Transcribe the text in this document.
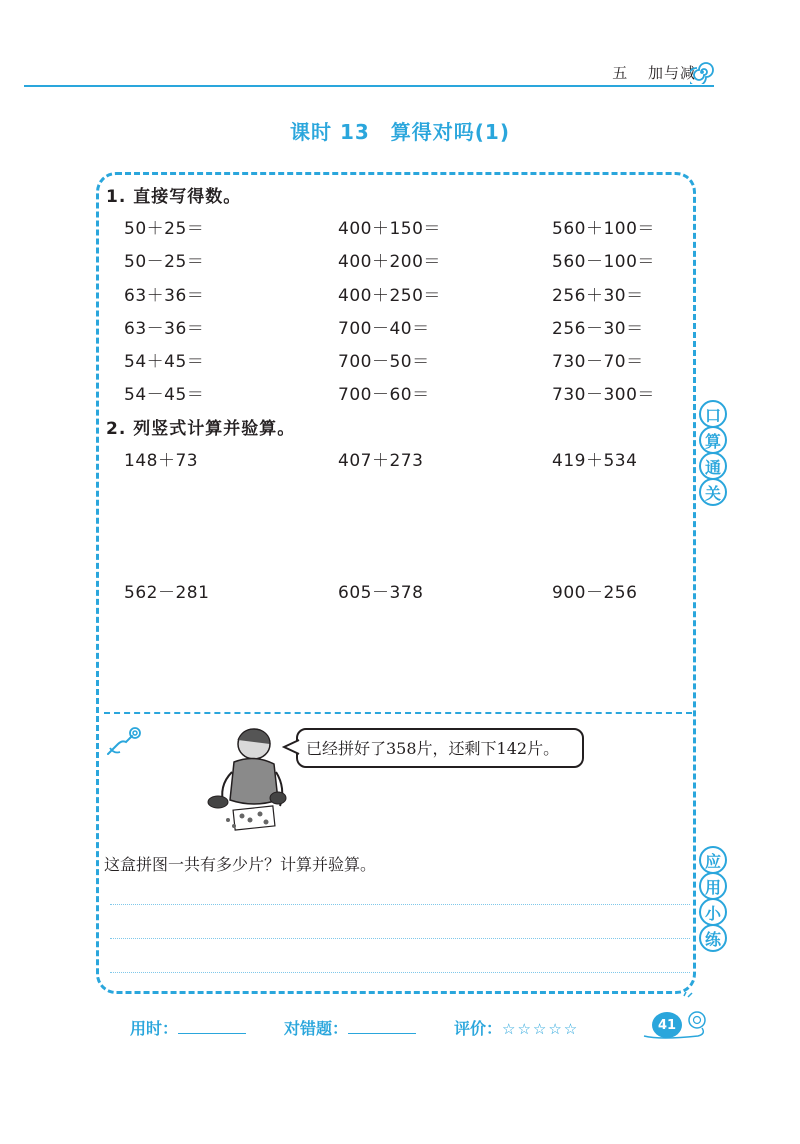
五 加与减
课时 13　算得对吗(1)
1. 直接写得数。
50＋25＝	400＋150＝	560＋100＝
50－25＝	400＋200＝	560－100＝
63＋36＝	400＋250＝	256＋30＝
63－36＝	700－40＝	256－30＝
54＋45＝	700－50＝	730－70＝
54－45＝	700－60＝	730－300＝
2. 列竖式计算并验算。
148＋73	407＋273	419＋534
562－281	605－378	900－256
口
算
通
关
应
用
小
练
已经拼好了358片，还剩下142片。
这盒拼图一共有多少片？计算并验算。
用时：	对错题：	评价：☆☆☆☆☆	41
